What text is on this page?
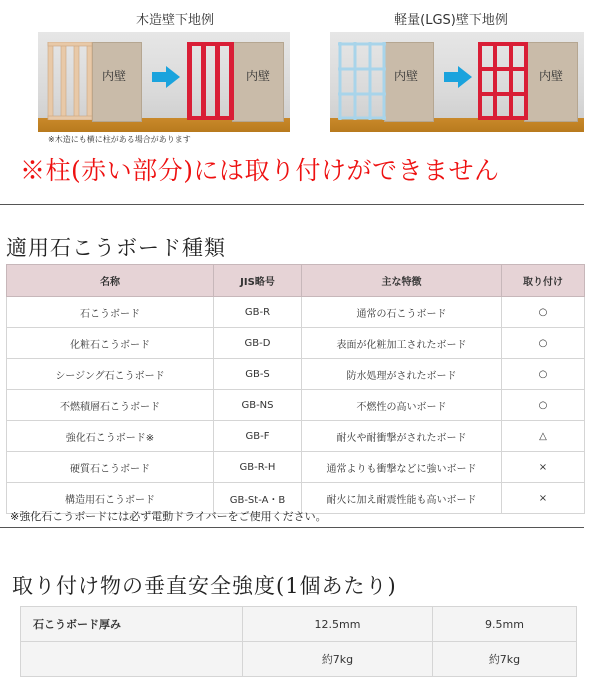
木造壁下地例
内壁	内壁
※木造にも横に柱がある場合があります
軽量(LGS)壁下地例
内壁	内壁
※柱(赤い部分)には取り付けができません
適用石こうボード種類
名称	JIS略号	主な特徴	取り付け
石こうボード	GB-R	通常の石こうボード	○
化粧石こうボード	GB-D	表面が化粧加工されたボード	○
シージング石こうボード	GB-S	防水処理がされたボード	○
不燃積層石こうボード	GB-NS	不燃性の高いボード	○
強化石こうボード※	GB-F	耐火や耐衝撃がされたボード	△
硬質石こうボード	GB-R-H	通常よりも衝撃などに強いボード	×
構造用石こうボード	GB-St-A・B	耐火に加え耐震性能も高いボード	×
※強化石こうボードには必ず電動ドライバーをご使用ください。
取り付け物の垂直安全強度(1個あたり)
石こうボード厚み	12.5mm	9.5mm
	約7kg	約7kg
